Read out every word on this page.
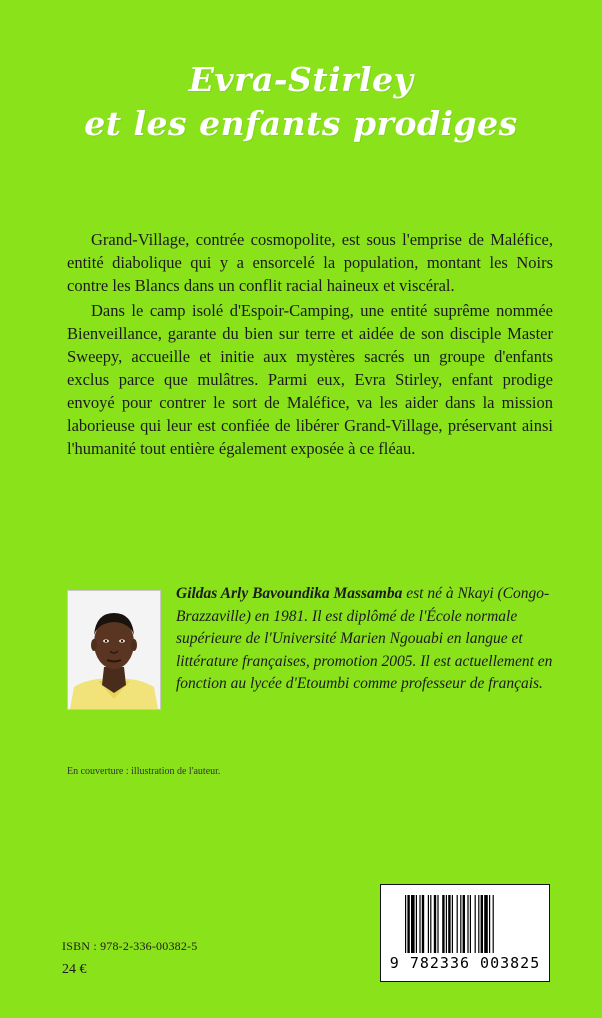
Evra-Stirley
et les enfants prodiges

Grand-Village, contrée cosmopolite, est sous l'emprise de Maléfice, entité diabolique qui y a ensorcelé la population, montant les Noirs contre les Blancs dans un conflit racial haineux et viscéral.

Dans le camp isolé d'Espoir-Camping, une entité suprême nommée Bienveillance, garante du bien sur terre et aidée de son disciple Master Sweepy, accueille et initie aux mystères sacrés un groupe d'enfants exclus parce que mulâtres. Parmi eux, Evra Stirley, enfant prodige envoyé pour contrer le sort de Maléfice, va les aider dans la mission laborieuse qui leur est confiée de libérer Grand-Village, préservant ainsi l'humanité tout entière également exposée à ce fléau.

Gildas Arly Bavoundika Massamba est né à Nkayi (Congo-Brazzaville) en 1981. Il est diplômé de l'École normale supérieure de l'Université Marien Ngouabi en langue et littérature françaises, promotion 2005. Il est actuellement en fonction au lycée d'Etoumbi comme professeur de français.
En couverture : illustration de l'auteur.
ISBN : 978-2-336-00382-5
24 €	9 782336 003825
